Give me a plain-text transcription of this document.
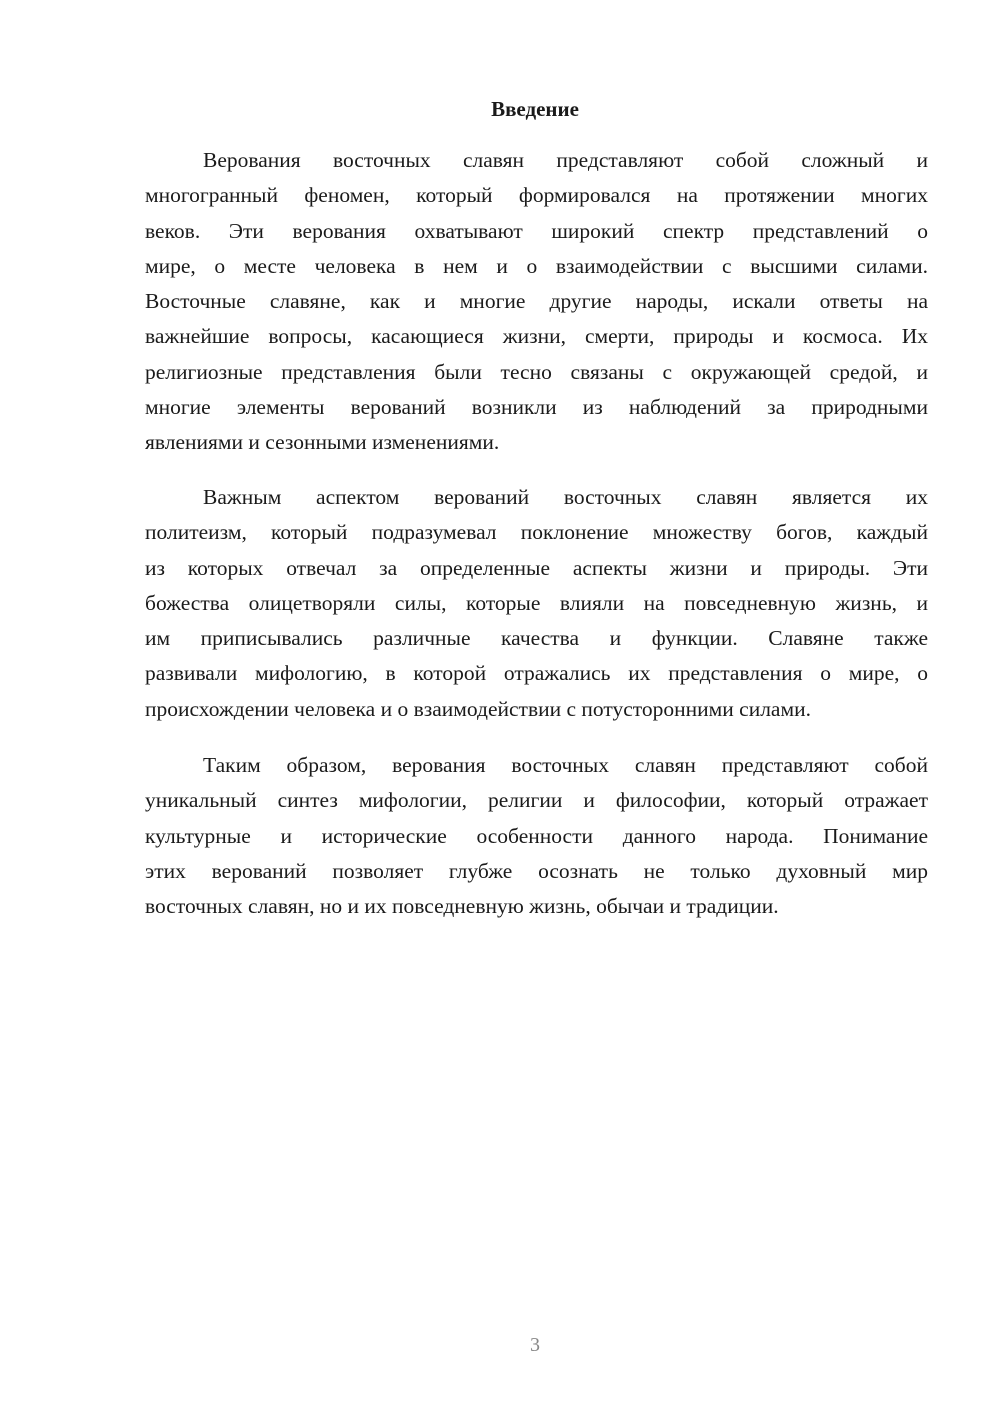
Введение
Верования восточных славян представляют собой сложный и
многогранный феномен, который формировался на протяжении многих
веков. Эти верования охватывают широкий спектр представлений о
мире, о месте человека в нем и о взаимодействии с высшими силами.
Восточные славяне, как и многие другие народы, искали ответы на
важнейшие вопросы, касающиеся жизни, смерти, природы и космоса. Их
религиозные представления были тесно связаны с окружающей средой, и
многие элементы верований возникли из наблюдений за природными
явлениями и сезонными изменениями.
Важным аспектом верований восточных славян является их
политеизм, который подразумевал поклонение множеству богов, каждый
из которых отвечал за определенные аспекты жизни и природы. Эти
божества олицетворяли силы, которые влияли на повседневную жизнь, и
им приписывались различные качества и функции. Славяне также
развивали мифологию, в которой отражались их представления о мире, о
происхождении человека и о взаимодействии с потусторонними силами.
Таким образом, верования восточных славян представляют собой
уникальный синтез мифологии, религии и философии, который отражает
культурные и исторические особенности данного народа. Понимание
этих верований позволяет глубже осознать не только духовный мир
восточных славян, но и их повседневную жизнь, обычаи и традиции.
3
